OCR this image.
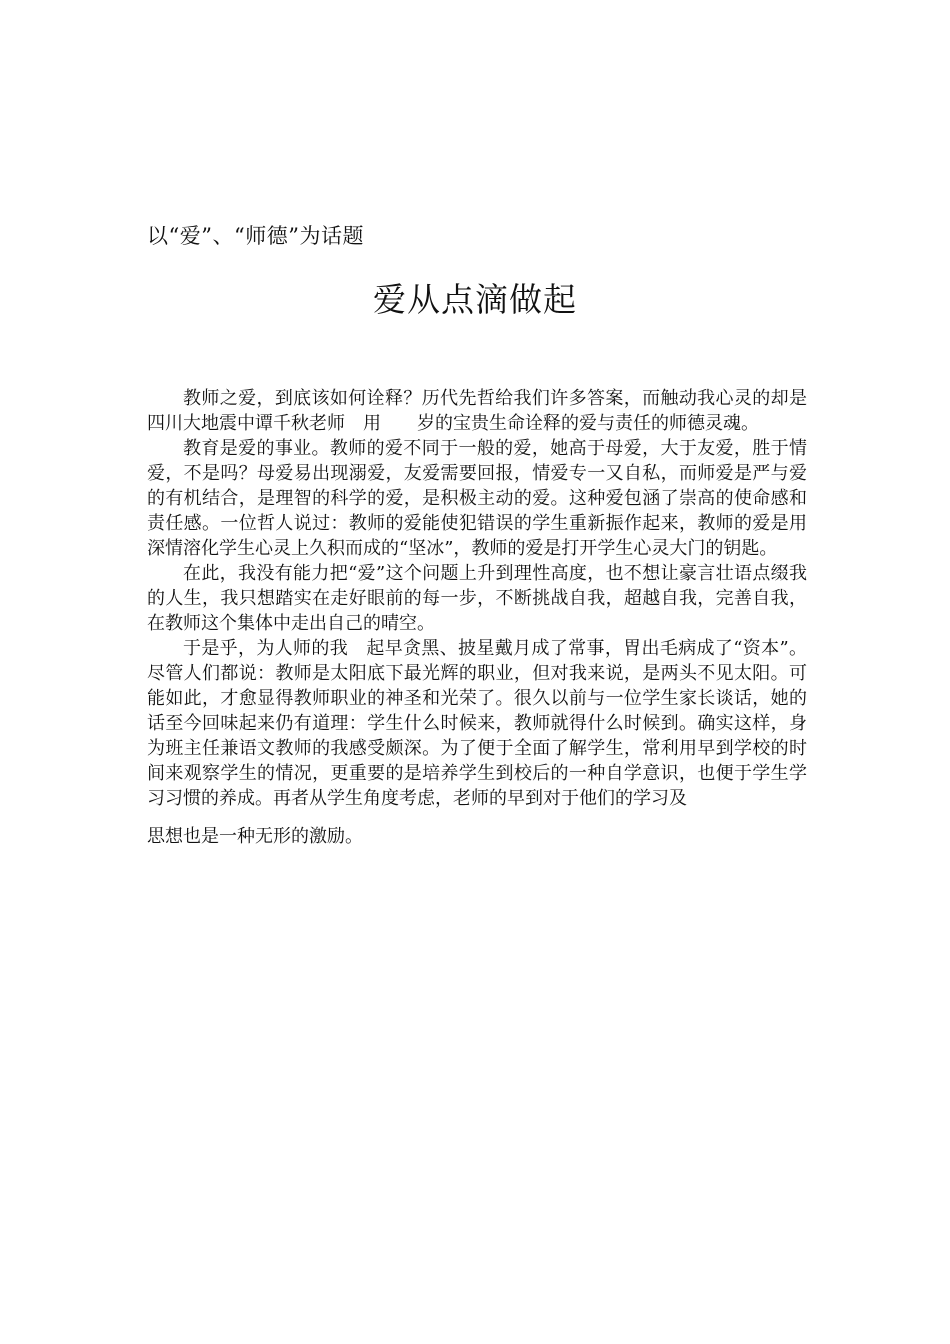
以“爱”、“师德”为话题
爱从点滴做起

教师之爱，到底该如何诠释？历代先哲给我们许多答案，而触动我心灵的却是四川大地震中谭千秋老师　用　　岁的宝贵生命诠释的爱与责任的师德灵魂。

教育是爱的事业。教师的爱不同于一般的爱，她高于母爱，大于友爱，胜于情爱，不是吗？母爱易出现溺爱，友爱需要回报，情爱专一又自私，而师爱是严与爱的有机结合，是理智的科学的爱，是积极主动的爱。这种爱包涵了崇高的使命感和责任感。一位哲人说过：教师的爱能使犯错误的学生重新振作起来，教师的爱是用深情溶化学生心灵上久积而成的“坚冰”，教师的爱是打开学生心灵大门的钥匙。

在此，我没有能力把“爱”这个问题上升到理性高度，也不想让豪言壮语点缀我的人生，我只想踏实在走好眼前的每一步，不断挑战自我，超越自我，完善自我，在教师这个集体中走出自己的晴空。

于是乎，为人师的我　起早贪黑、披星戴月成了常事，胃出毛病成了“资本”。尽管人们都说：教师是太阳底下最光辉的职业，但对我来说，是两头不见太阳。可能如此，才愈显得教师职业的神圣和光荣了。很久以前与一位学生家长谈话，她的话至今回味起来仍有道理：学生什么时候来，教师就得什么时候到。确实这样，身为班主任兼语文教师的我感受颇深。为了便于全面了解学生，常利用早到学校的时间来观察学生的情况，更重要的是培养学生到校后的一种自学意识，也便于学生学习习惯的养成。再者从学生角度考虑，老师的早到对于他们的学习及

思想也是一种无形的激励。
